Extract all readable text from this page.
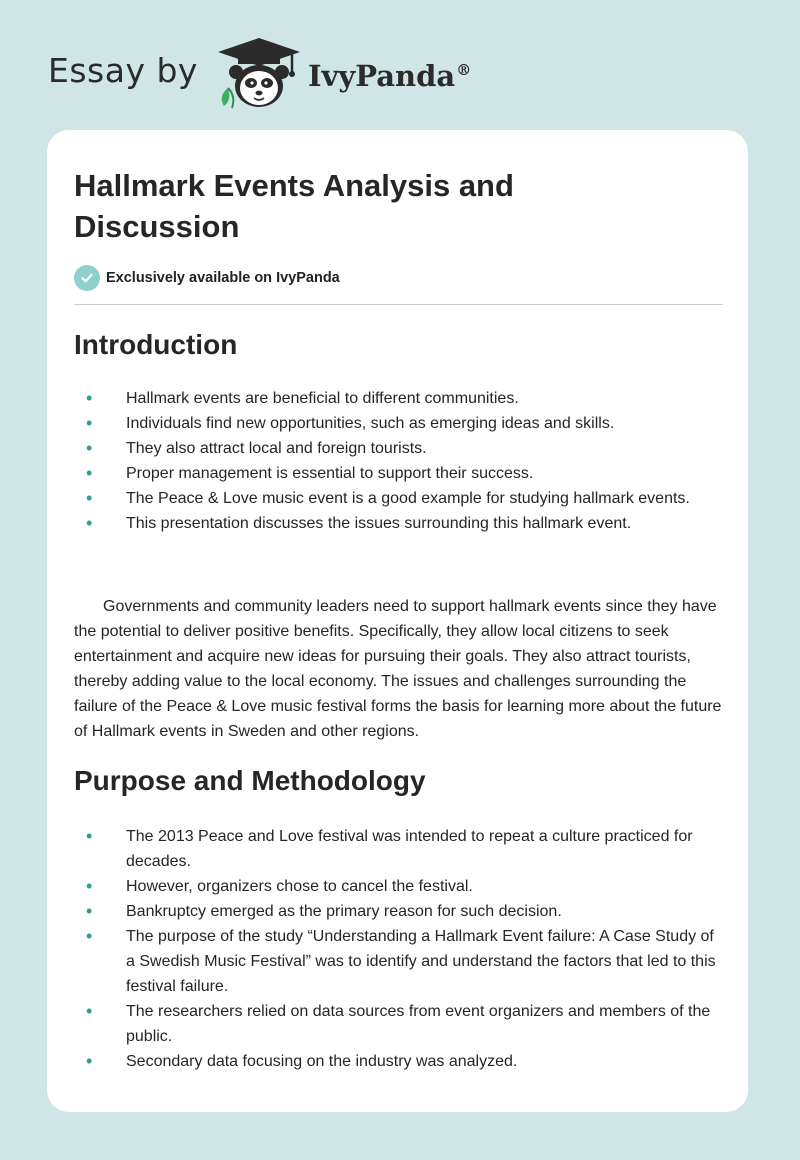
Essay by	IvyPanda®
Hallmark Events Analysis and Discussion
Exclusively available on IvyPanda
Introduction
• Hallmark events are beneficial to different communities.
• Individuals find new opportunities, such as emerging ideas and skills.
• They also attract local and foreign tourists.
• Proper management is essential to support their success.
• The Peace & Love music event is a good example for studying hallmark events.
• This presentation discusses the issues surrounding this hallmark event.

Governments and community leaders need to support hallmark events since they have the potential to deliver positive benefits. Specifically, they allow local citizens to seek entertainment and acquire new ideas for pursuing their goals. They also attract tourists, thereby adding value to the local economy. The issues and challenges surrounding the failure of the Peace & Love music festival forms the basis for learning more about the future of Hallmark events in Sweden and other regions.

Purpose and Methodology
• The 2013 Peace and Love festival was intended to repeat a culture practiced for decades.
• However, organizers chose to cancel the festival.
• Bankruptcy emerged as the primary reason for such decision.
• The purpose of the study “Understanding a Hallmark Event failure: A Case Study of a Swedish Music Festival” was to identify and understand the factors that led to this festival failure.
• The researchers relied on data sources from event organizers and members of the public.
• Secondary data focusing on the industry was analyzed.
